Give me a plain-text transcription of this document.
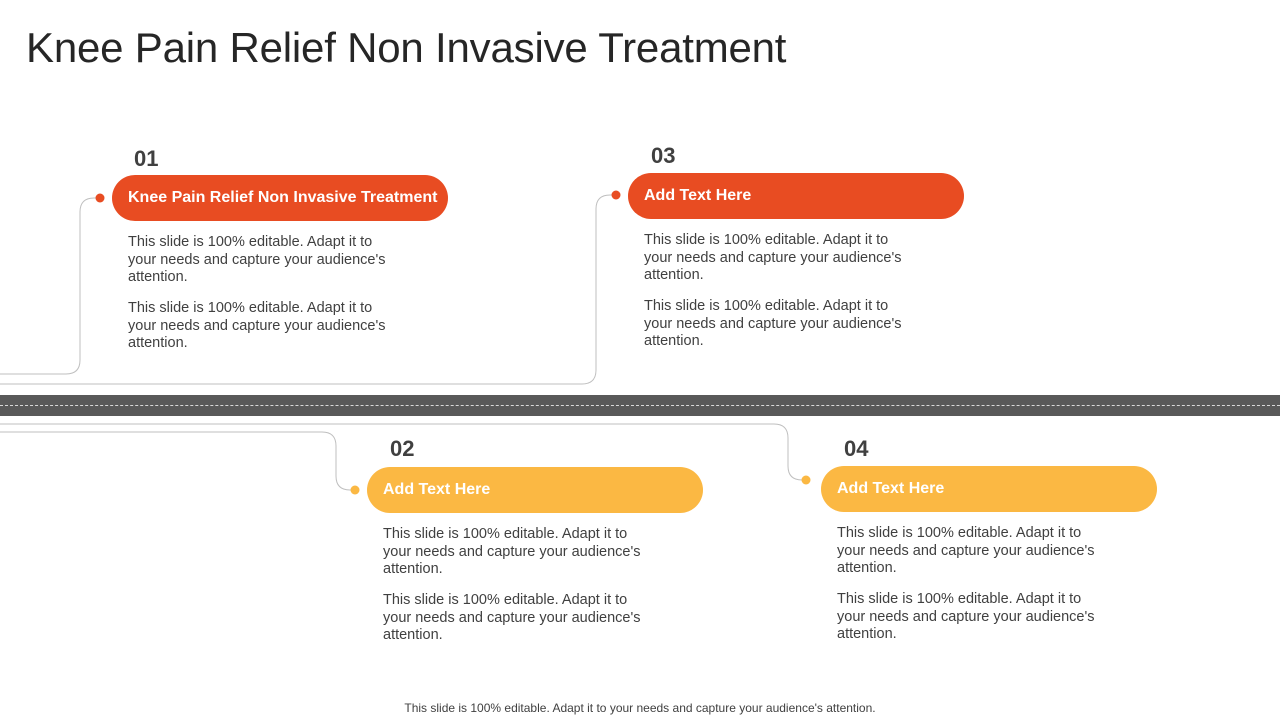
Knee Pain Relief Non Invasive Treatment
01
Knee Pain Relief Non Invasive Treatment
This slide is 100% editable. Adapt it to your needs and capture your audience's attention.
This slide is 100% editable. Adapt it to your needs and capture your audience's attention.
03
Add Text Here
This slide is 100% editable. Adapt it to your needs and capture your audience's attention.
This slide is 100% editable. Adapt it to your needs and capture your audience's attention.
02
Add Text Here
This slide is 100% editable. Adapt it to your needs and capture your audience's attention.
This slide is 100% editable. Adapt it to your needs and capture your audience's attention.
04
Add Text Here
This slide is 100% editable. Adapt it to your needs and capture your audience's attention.
This slide is 100% editable. Adapt it to your needs and capture your audience's attention.
This slide is 100% editable. Adapt it to your needs and capture your audience's attention.
